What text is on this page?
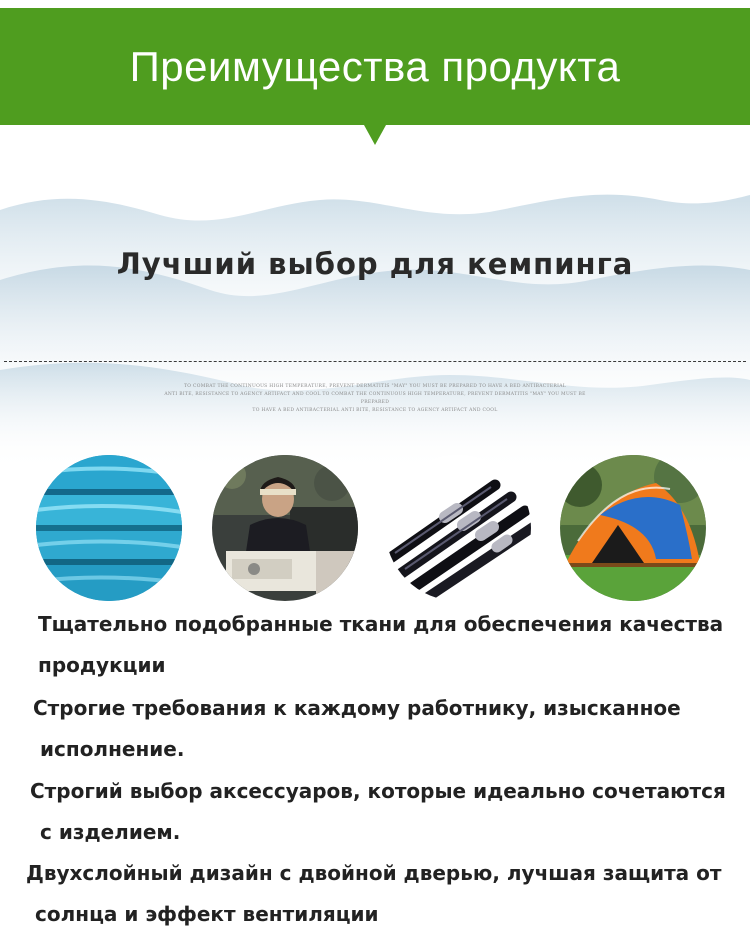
Преимущества продукта
Лучший выбор для кемпинга
TO COMBAT THE CONTINUOUS HIGH TEMPERATURE, PREVENT DERMATITIS "MAY" YOU MUST BE PREPARED TO HAVE A BED ANTIBACTERIAL
ANTI BITE, RESISTANCE TO AGENCY ARTIFACT AND COOL TO COMBAT THE CONTINUOUS HIGH TEMPERATURE, PREVENT DERMATITIS "MAY" YOU MUST BE PREPARED
TO HAVE A BED ANTIBACTERIAL ANTI BITE, RESISTANCE TO AGENCY ARTIFACT AND COOL
Тщательно подобранные ткани для обеспечения качества
продукции
Строгие требования к каждому работнику, изысканное
исполнение.
Строгий выбор аксессуаров, которые идеально сочетаются
с изделием.
Двухслойный дизайн с двойной дверью, лучшая защита от
солнца и эффект вентиляции
